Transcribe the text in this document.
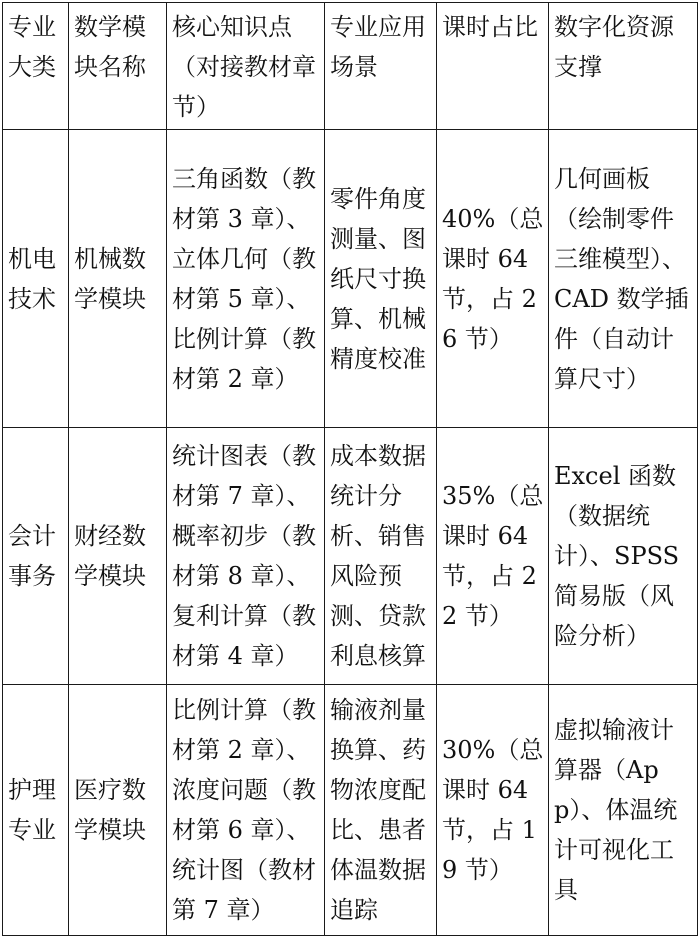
专业大类	数学模块名称	核心知识点（对接教材章节）	专业应用场景	课时占比	数字化资源支撑
机电技术	机械数学模块	三角函数（教材第 3 章）、立体几何（教材第 5 章）、比例计算（教材第 2 章）	零件角度测量、图纸尺寸换算、机械精度校准	40%（总课时 64 节，占 26 节）	几何画板（绘制零件三维模型）、CAD 数学插件（自动计算尺寸）
会计事务	财经数学模块	统计图表（教材第 7 章）、概率初步（教材第 8 章）、复利计算（教材第 4 章）	成本数据统计分析、销售风险预测、贷款利息核算	35%（总课时 64 节，占 22 节）	Excel 函数（数据统计）、SPSS 简易版（风险分析）
护理专业	医疗数学模块	比例计算（教材第 2 章）、浓度问题（教材第 6 章）、统计图（教材第 7 章）	输液剂量换算、药物浓度配比、患者体温数据追踪	30%（总课时 64 节，占 19 节）	虚拟输液计算器（App）、体温统计可视化工具
